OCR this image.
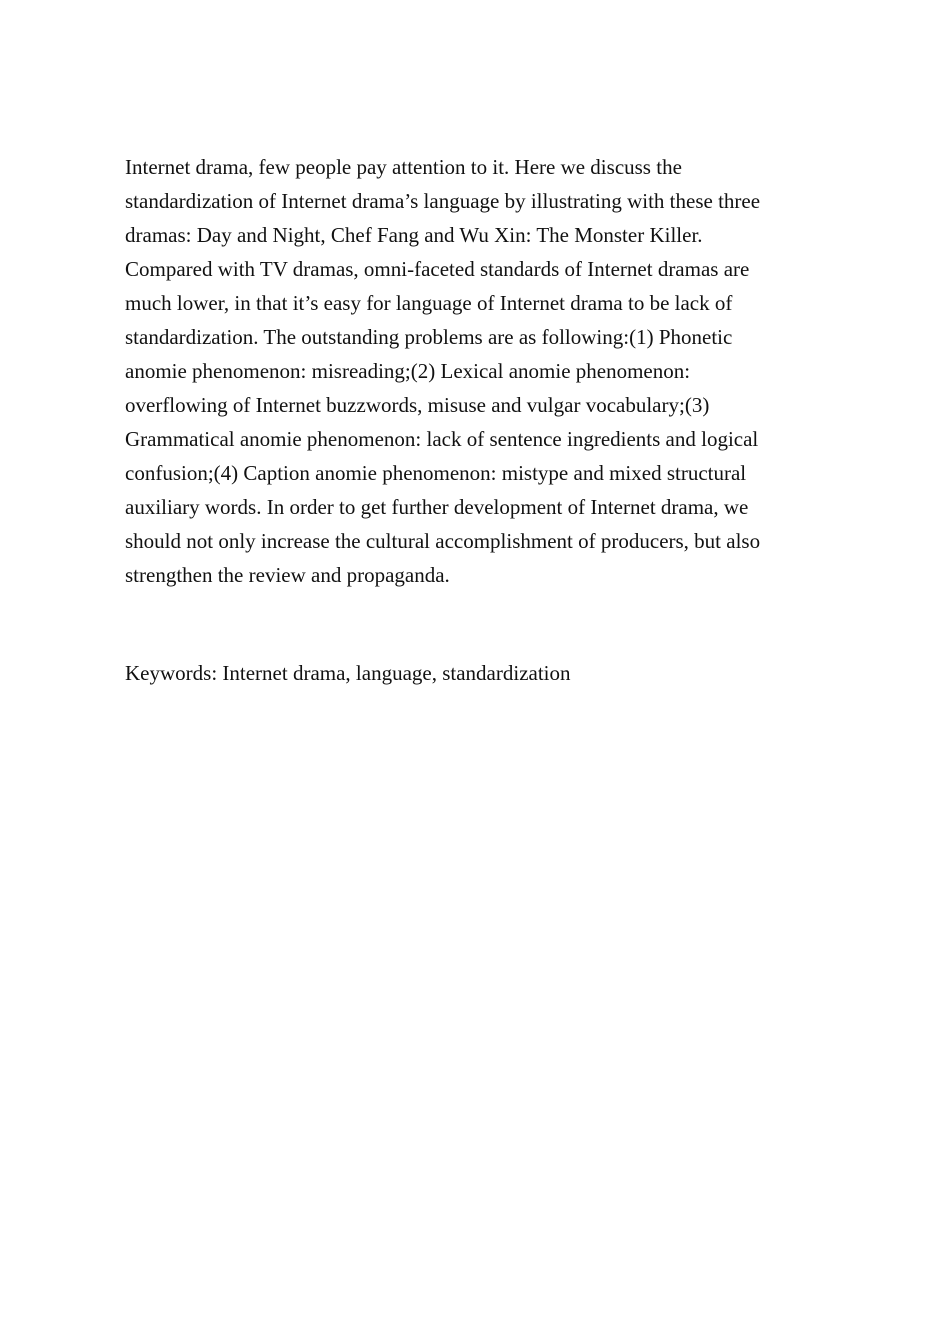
Internet drama, few people pay attention to it. Here we discuss the
standardization of Internet drama’s language by illustrating with these three
dramas: Day and Night, Chef Fang and Wu Xin: The Monster Killer.
Compared with TV dramas, omni-faceted standards of Internet dramas are
much lower, in that it’s easy for language of Internet drama to be lack of
standardization. The outstanding problems are as following:(1) Phonetic
anomie phenomenon: misreading;(2) Lexical anomie phenomenon:
overflowing of Internet buzzwords, misuse and vulgar vocabulary;(3)
Grammatical anomie phenomenon: lack of sentence ingredients and logical
confusion;(4) Caption anomie phenomenon: mistype and mixed structural
auxiliary words. In order to get further development of Internet drama, we
should not only increase the cultural accomplishment of producers, but also
strengthen the review and propaganda.
Keywords: Internet drama, language, standardization
